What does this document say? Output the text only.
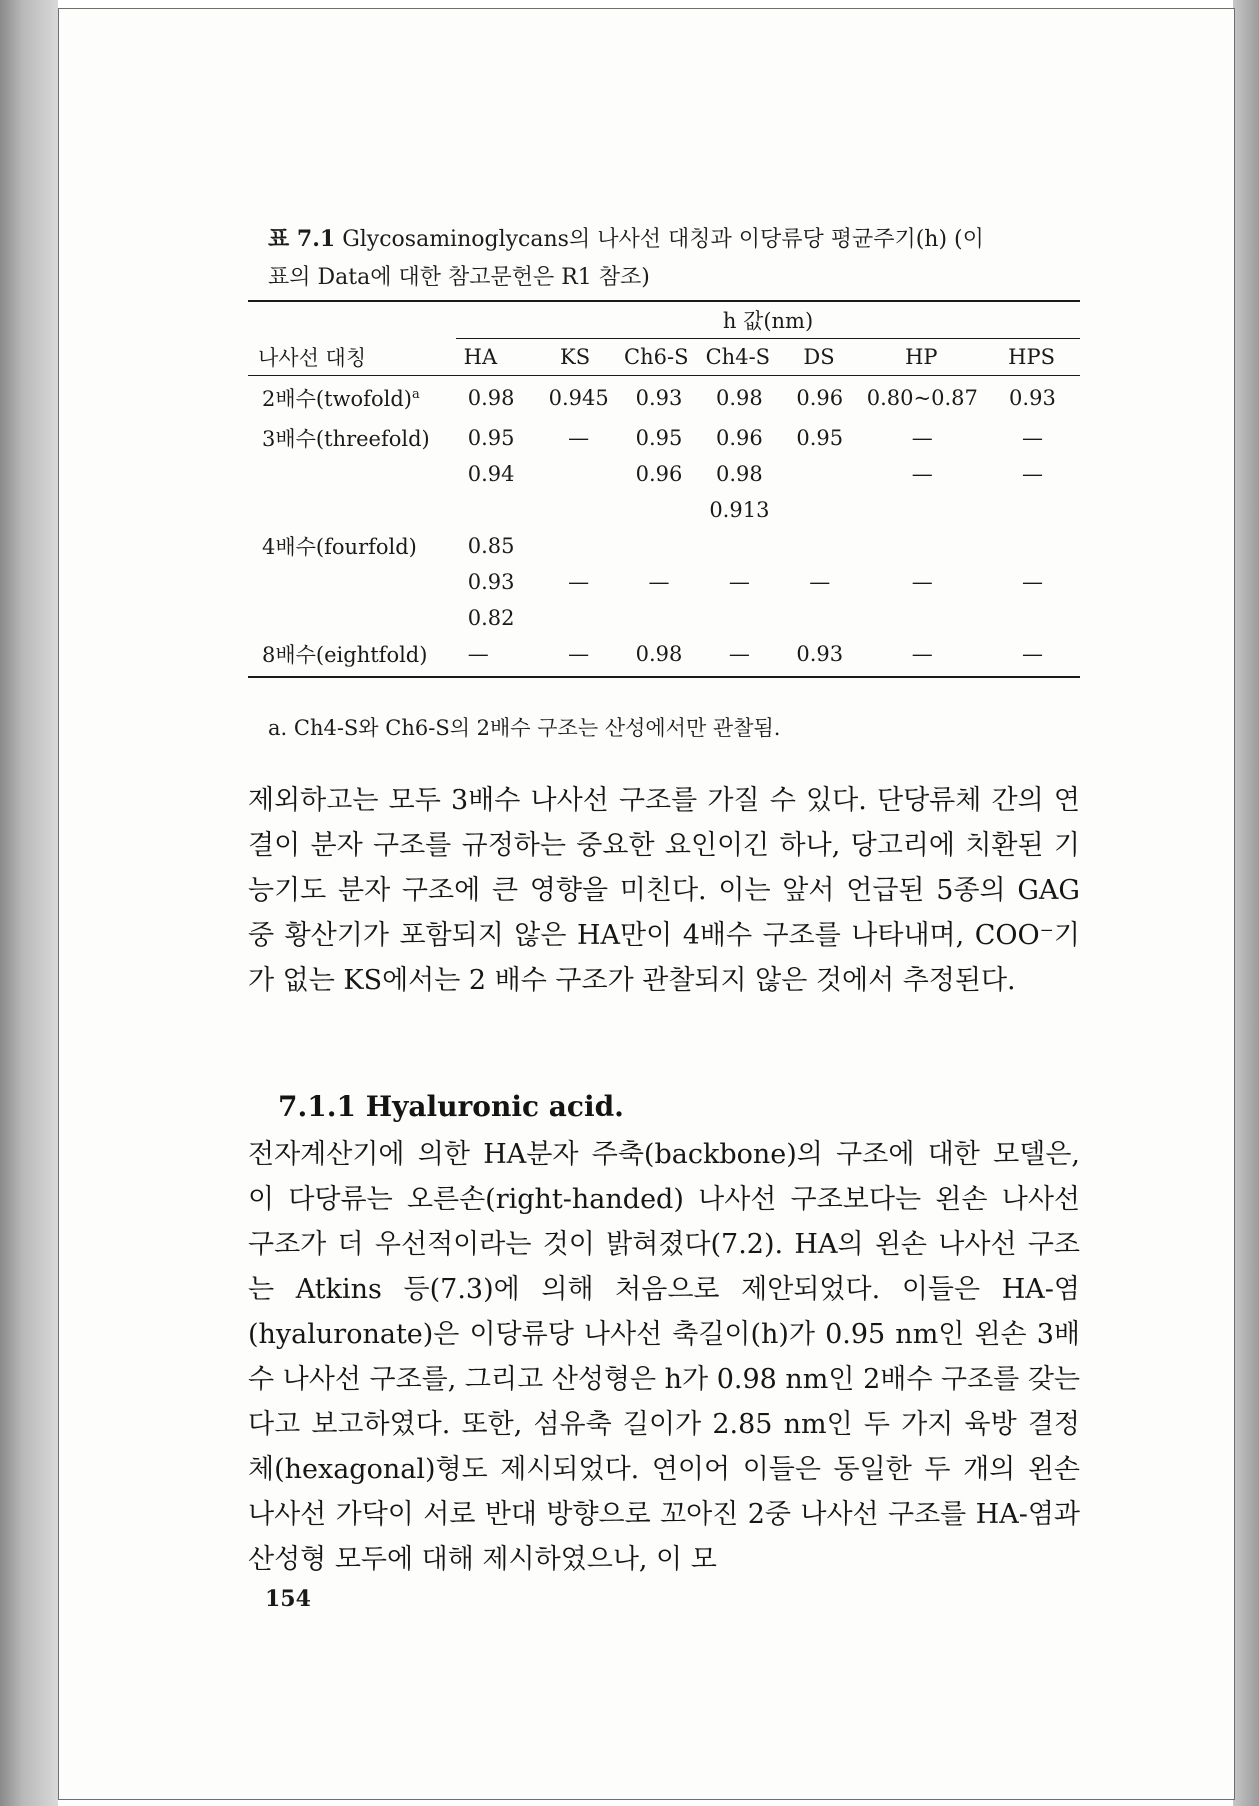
표 7.1 Glycosaminoglycans의 나사선 대칭과 이당류당 평균주기(h) (이
표의 Data에 대한 참고문헌은 R1 참조)
	h 값(nm)
나사선 대칭	HA	KS	Ch6-S	Ch4-S	DS	HP	HPS
2배수(twofold)$^a$	0.98	0.945	0.93	0.98	0.96	0.80~0.87	0.93
3배수(threefold)	0.95	—	0.95	0.96	0.95	—	—
	0.94		0.96	0.98		—	—
				0.913			
4배수(fourfold)	0.85						
	0.93	—	—	—	—	—	—
	0.82						
8배수(eightfold)	—	—	0.98	—	0.93	—	—
a. Ch4-S와 Ch6-S의 2배수 구조는 산성에서만 관찰됨.

제외하고는 모두 3배수 나사선 구조를 가질 수 있다. 단당류체 간의 연결이 분자 구조를 규정하는 중요한 요인이긴 하나, 당고리에 치환된 기능기도 분자 구조에 큰 영향을 미친다. 이는 앞서 언급된 5종의 GAG 중 황산기가 포함되지 않은 HA만이 4배수 구조를 나타내며, COO⁻기가 없는 KS에서는 2 배수 구조가 관찰되지 않은 것에서 추정된다.

7.1.1 Hyaluronic acid.

전자계산기에 의한 HA분자 주축(backbone)의 구조에 대한 모델은, 이 다당류는 오른손(right-handed) 나사선 구조보다는 왼손 나사선 구조가 더 우선적이라는 것이 밝혀졌다(7.2). HA의 왼손 나사선 구조는 Atkins 등(7.3)에 의해 처음으로 제안되었다. 이들은 HA-염(hyaluronate)은 이당류당 나사선 축길이(h)가 0.95 nm인 왼손 3배수 나사선 구조를, 그리고 산성형은 h가 0.98 nm인 2배수 구조를 갖는다고 보고하였다. 또한, 섬유축 길이가 2.85 nm인 두 가지 육방 결정체(hexagonal)형도 제시되었다. 연이어 이들은 동일한 두 개의 왼손 나사선 가닥이 서로 반대 방향으로 꼬아진 2중 나사선 구조를 HA-염과 산성형 모두에 대해 제시하였으나, 이 모

154
